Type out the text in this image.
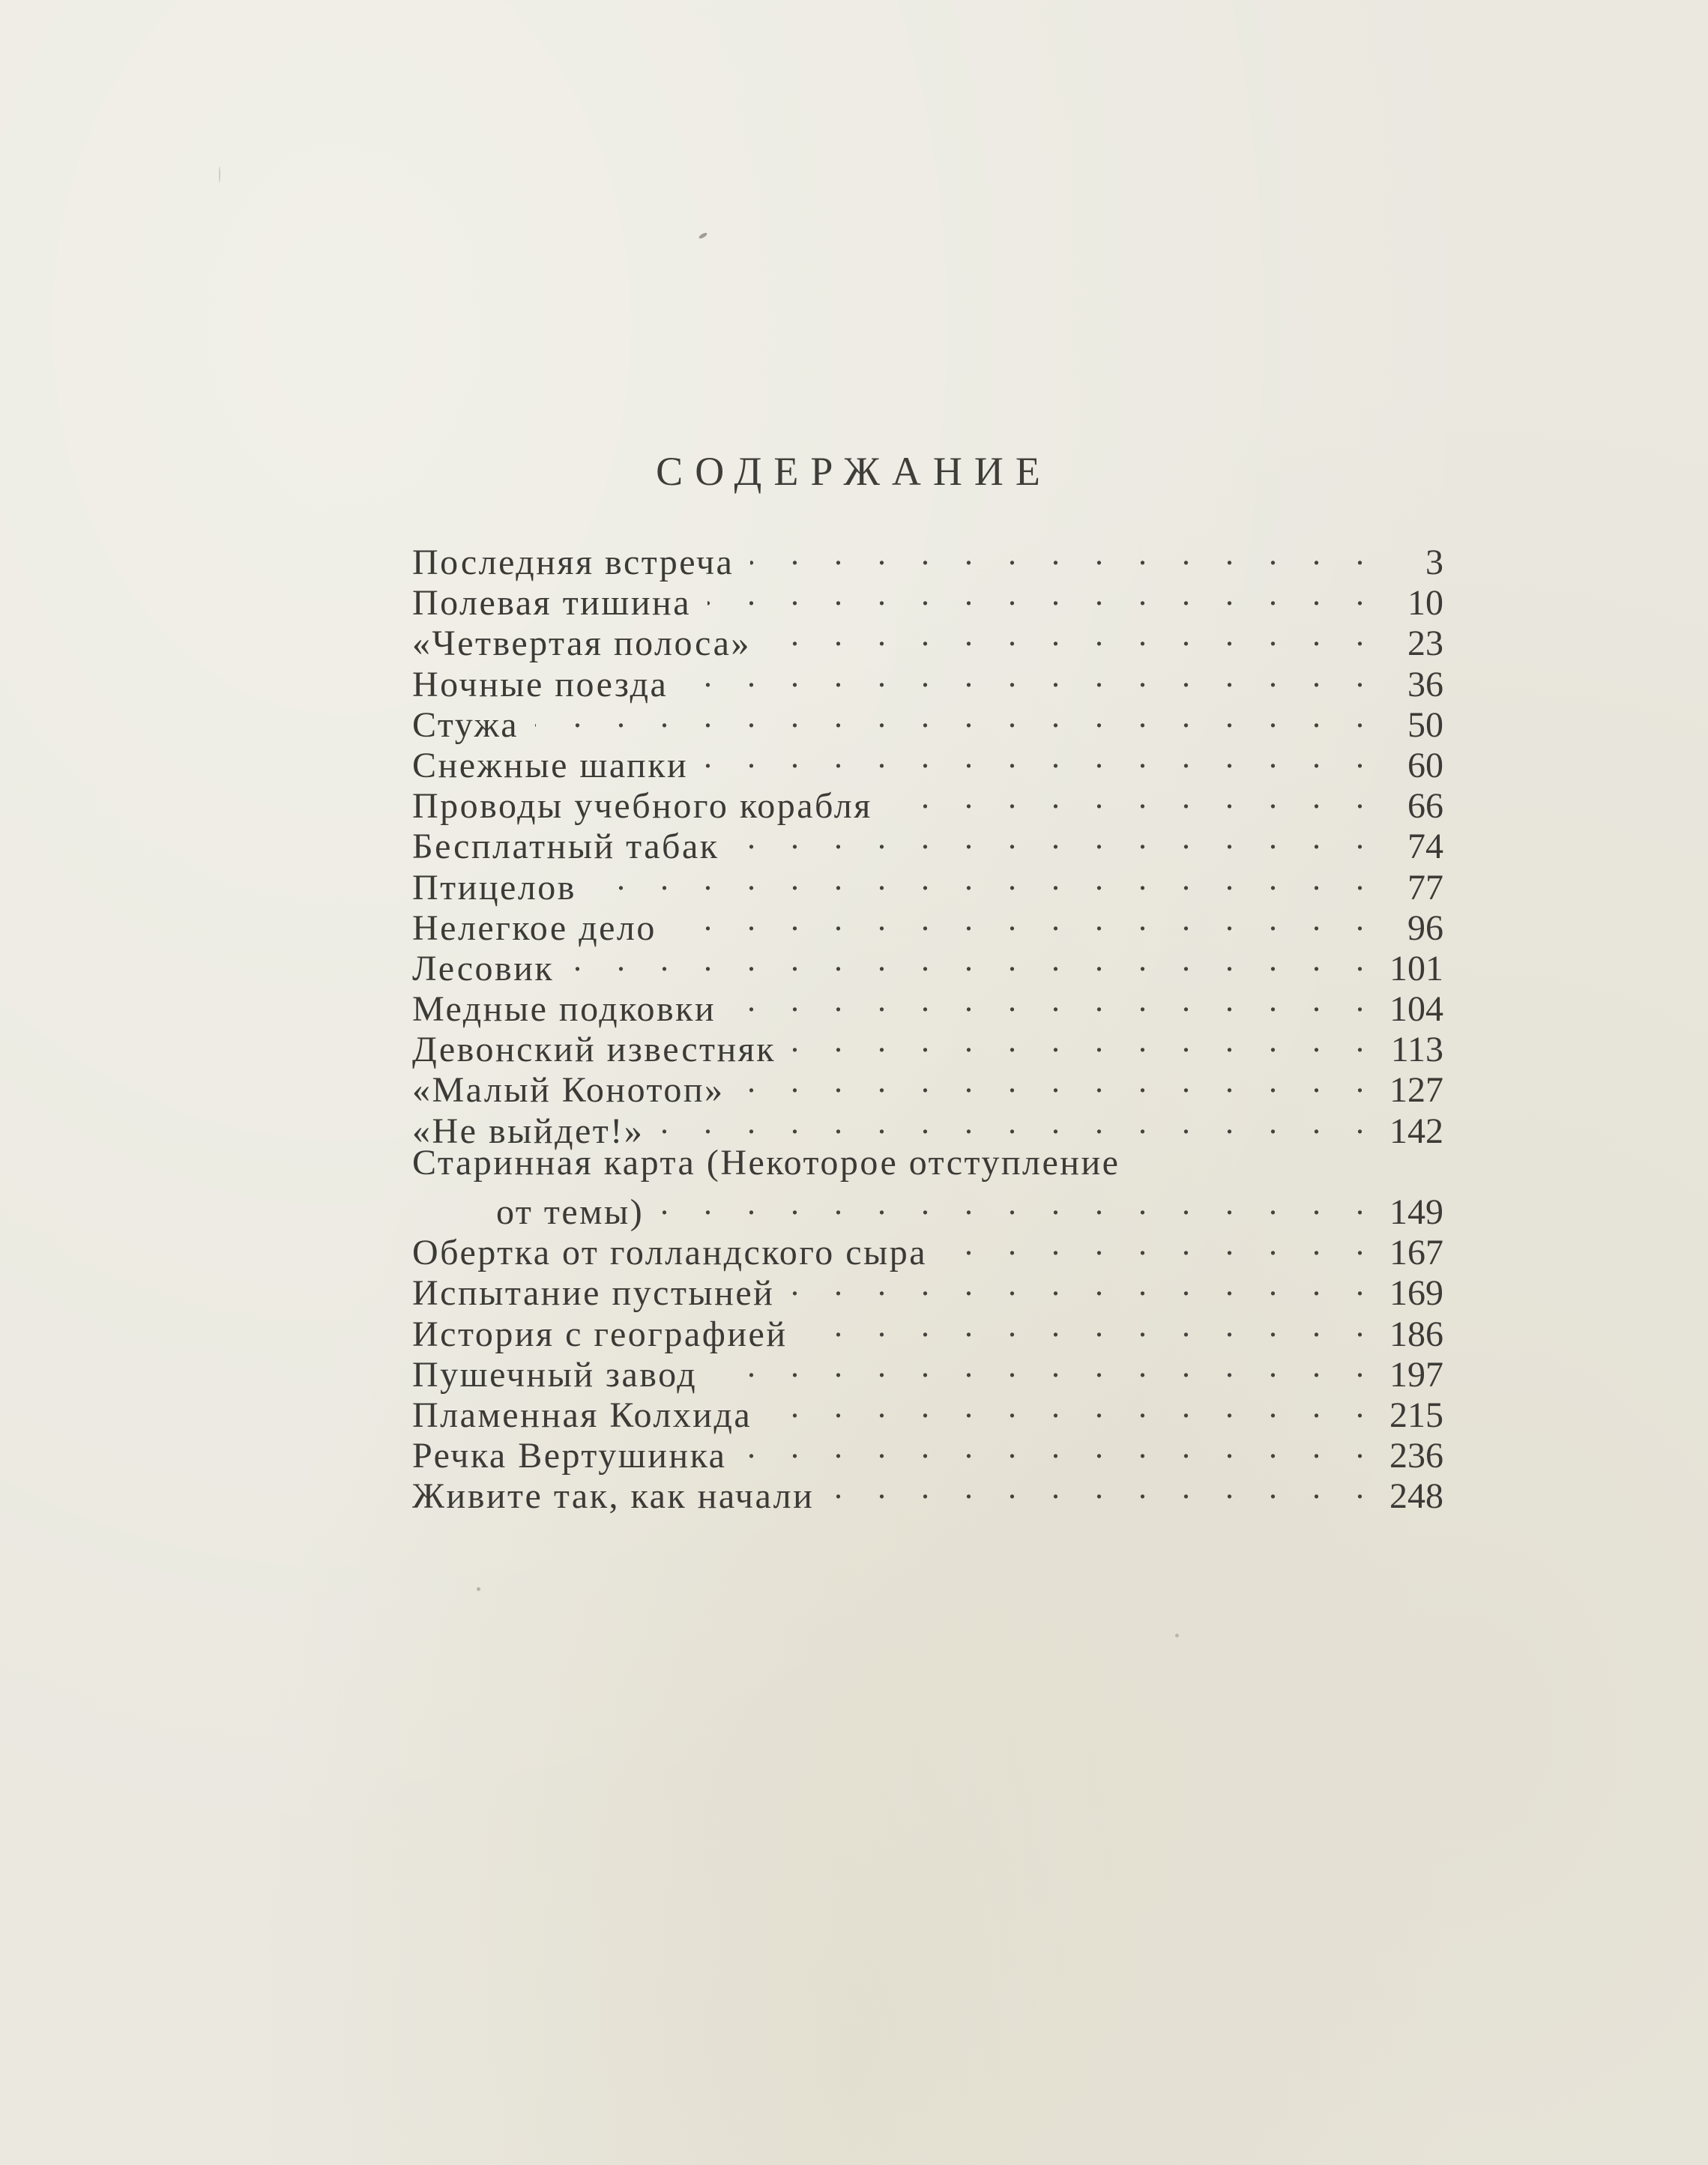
СОДЕРЖАНИЕ
Последняя встреча . . .	3
Полевая тишина . . .	10
«Четвертая полоса» . . .	23
Ночные поезда . . .	36
Стужа . . .	50
Снежные шапки . . .	60
Проводы учебного корабля . . .	66
Бесплатный табак . . .	74
Птицелов . . .	77
Нелегкое дело . . .	96
Лесовик . . .	101
Медные подковки . . .	104
Девонский известняк . . .	113
«Малый Конотоп» . . .	127
«Не выйдет!» . . .	142
Старинная карта (Некоторое отступление
от темы) . . .	149
Обертка от голландского сыра . . .	167
Испытание пустыней . . .	169
История с географией . . .	186
Пушечный завод . . .	197
Пламенная Колхида . . .	215
Речка Вертушинка . . .	236
Живите так, как начали . . .	248
